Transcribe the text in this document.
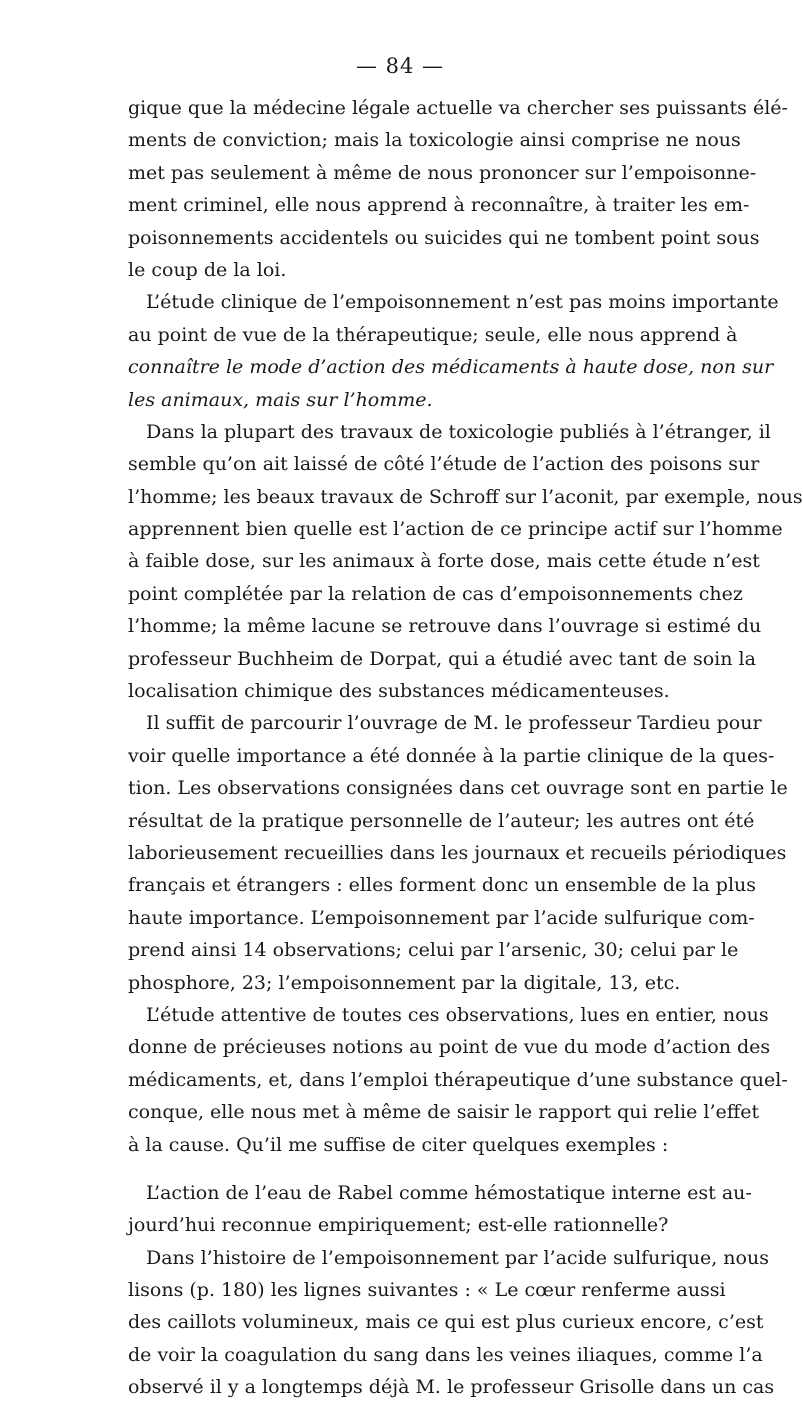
— 84 —
gique que la médecine légale actuelle va chercher ses puissants élé-
ments de conviction; mais la toxicologie ainsi comprise ne nous
met pas seulement à même de nous prononcer sur l’empoisonne-
ment criminel, elle nous apprend à reconnaître, à traiter les em-
poisonnements accidentels ou suicides qui ne tombent point sous
le coup de la loi.
L’étude clinique de l’empoisonnement n’est pas moins importante
au point de vue de la thérapeutique; seule, elle nous apprend à
connaître le mode d’action des médicaments à haute dose, non sur
les animaux, mais sur l’homme.
Dans la plupart des travaux de toxicologie publiés à l’étranger, il
semble qu’on ait laissé de côté l’étude de l’action des poisons sur
l’homme; les beaux travaux de Schroff sur l’aconit, par exemple, nous
apprennent bien quelle est l’action de ce principe actif sur l’homme
à faible dose, sur les animaux à forte dose, mais cette étude n’est
point complétée par la relation de cas d’empoisonnements chez
l’homme; la même lacune se retrouve dans l’ouvrage si estimé du
professeur Buchheim de Dorpat, qui a étudié avec tant de soin la
localisation chimique des substances médicamenteuses.
Il suffit de parcourir l’ouvrage de M. le professeur Tardieu pour
voir quelle importance a été donnée à la partie clinique de la ques-
tion. Les observations consignées dans cet ouvrage sont en partie le
résultat de la pratique personnelle de l’auteur; les autres ont été
laborieusement recueillies dans les journaux et recueils périodiques
français et étrangers : elles forment donc un ensemble de la plus
haute importance. L’empoisonnement par l’acide sulfurique com-
prend ainsi 14 observations; celui par l’arsenic, 30; celui par le
phosphore, 23; l’empoisonnement par la digitale, 13, etc.
L’étude attentive de toutes ces observations, lues en entier, nous
donne de précieuses notions au point de vue du mode d’action des
médicaments, et, dans l’emploi thérapeutique d’une substance quel-
conque, elle nous met à même de saisir le rapport qui relie l’effet
à la cause. Qu’il me suffise de citer quelques exemples :
L’action de l’eau de Rabel comme hémostatique interne est au-
jourd’hui reconnue empiriquement; est-elle rationnelle?
Dans l’histoire de l’empoisonnement par l’acide sulfurique, nous
lisons (p. 180) les lignes suivantes : « Le cœur renferme aussi
des caillots volumineux, mais ce qui est plus curieux encore, c’est
de voir la coagulation du sang dans les veines iliaques, comme l’a
observé il y a longtemps déjà M. le professeur Grisolle dans un cas
